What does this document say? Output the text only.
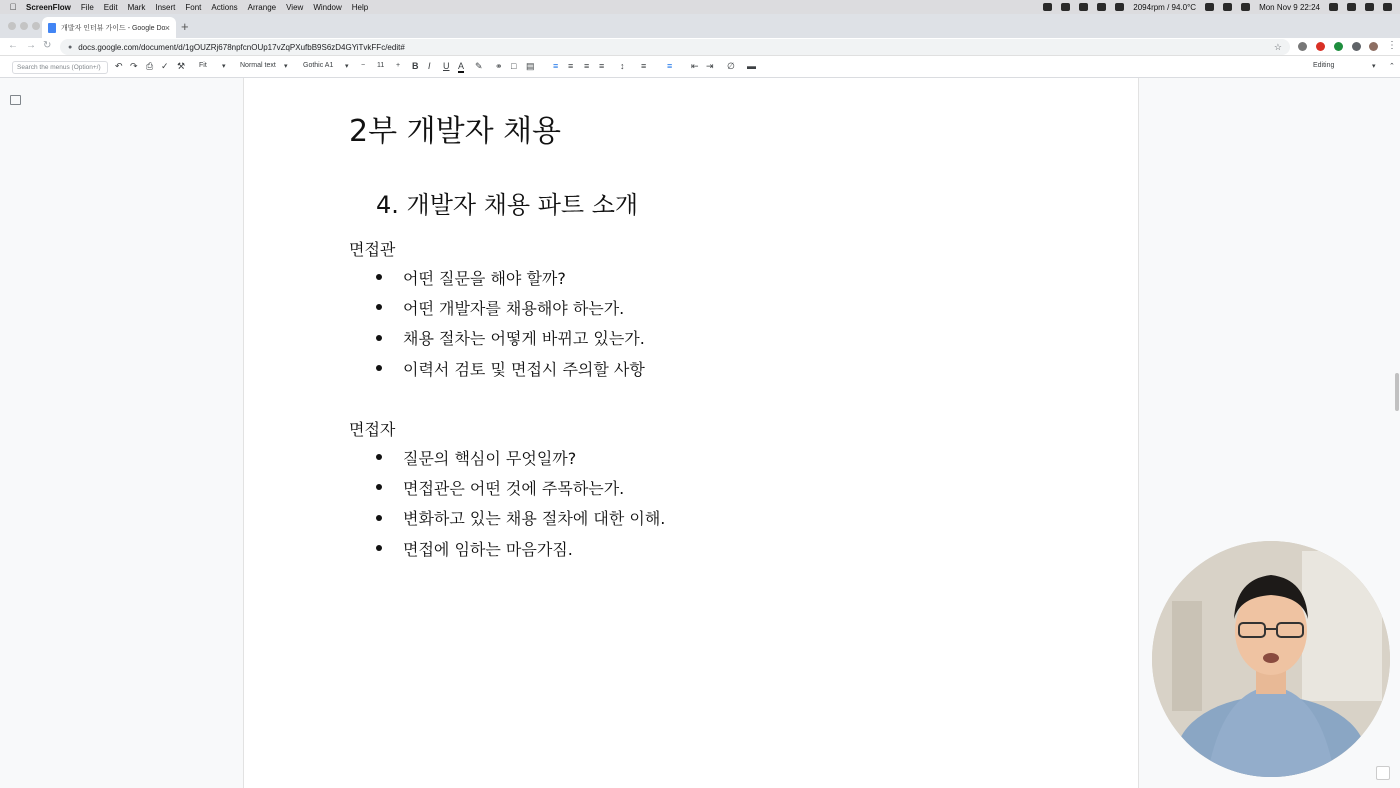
ScreenFlow File Edit Mark Insert Font Actions Arrange View Window Help	2094rpm / 94.0°C	Mon Nov 9 22:24
개발자 인터뷰 가이드 - Google Do × +
← → ↻ ● docs.google.com/document/d/1gOUZRj678npfcnOUp17vZqPXufbB9S6zD4GYiTvkFFc/edit#	☆	⋮
Search the menus (Option+/)	↶ ↷ ⎙ ✓ ⚒ Fit ▾ Normal text ▾ Gothic A1 ▾ − 11 + B I U A ✎ ⚭ □ ▤ ≡ ≡ ≡ ≡ ↕ ≡ ≡ ⇤ ⇥ ∅ ▬	Editing	▾ ⌃
2부 개발자 채용
4. 개발자 채용 파트 소개
면접관
어떤 질문을 해야 할까?
어떤 개발자를 채용해야 하는가.
채용 절차는 어떻게 바뀌고 있는가.
이력서 검토 및 면접시 주의할 사항
면접자
질문의 핵심이 무엇일까?
면접관은 어떤 것에 주목하는가.
변화하고 있는 채용 절차에 대한 이해.
면접에 임하는 마음가짐.
